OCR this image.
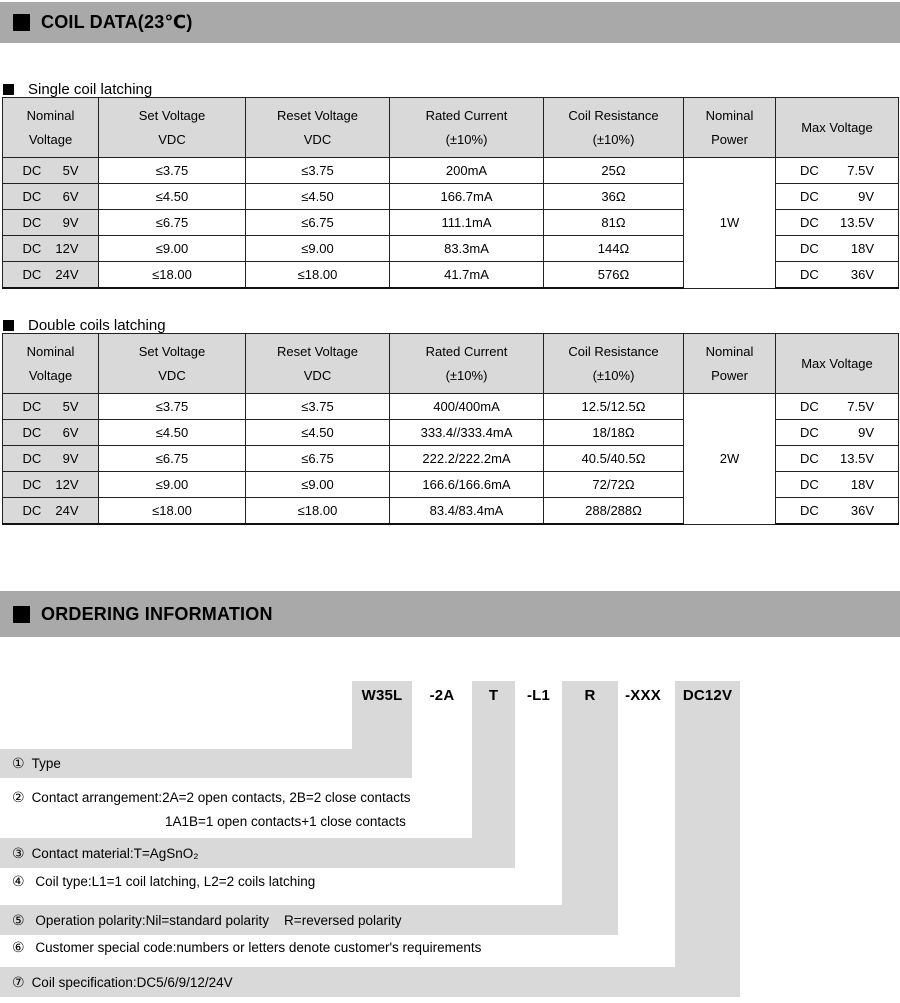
COIL DATA(23℃)
Single coil latching
Nominal
Voltage

Set Voltage
VDC

Reset Voltage
VDC

Rated Current
(±10%)

Coil Resistance
(±10%)

Nominal
Power
	Max Voltage

DC 5V	≤3.75	≤3.75	200mA	25Ω	1W	DC 7.5V

DC 6V	≤4.50	≤4.50	166.7mA	36Ω		DC 9V

DC 9V	≤6.75	≤6.75	111.1mA	81Ω		DC 13.5V

DC 12V	≤9.00	≤9.00	83.3mA	144Ω		DC 18V

DC 24V	≤18.00	≤18.00	41.7mA	576Ω		DC 36V
Double coils latching
Nominal
Voltage

Set Voltage
VDC

Reset Voltage
VDC

Rated Current
(±10%)

Coil Resistance
(±10%)

Nominal
Power
	Max Voltage

DC 5V	≤3.75	≤3.75	400/400mA	12.5/12.5Ω	2W	DC 7.5V

DC 6V	≤4.50	≤4.50	333.4//333.4mA	18/18Ω		DC 9V

DC 9V	≤6.75	≤6.75	222.2/222.2mA	40.5/40.5Ω		DC 13.5V

DC 12V	≤9.00	≤9.00	166.6/166.6mA	72/72Ω		DC 18V

DC 24V	≤18.00	≤18.00	83.4/83.4mA	288/288Ω		DC 36V
ORDERING INFORMATION
① Type
③ Contact material:T=AgSnO₂
⑤ Operation polarity:Nil=standard polarity    R=reversed polarity
⑦ Coil specification:DC5/6/9/12/24V
② Contact arrangement:2A=2 open contacts, 2B=2 close contacts
1A1B=1 open contacts+1 close contacts
④ Coil type:L1=1 coil latching, L2=2 coils latching
⑥ Customer special code:numbers or letters denote customer's requirements
W35L	-2A	T	-L1	R	-XXX	DC12V
